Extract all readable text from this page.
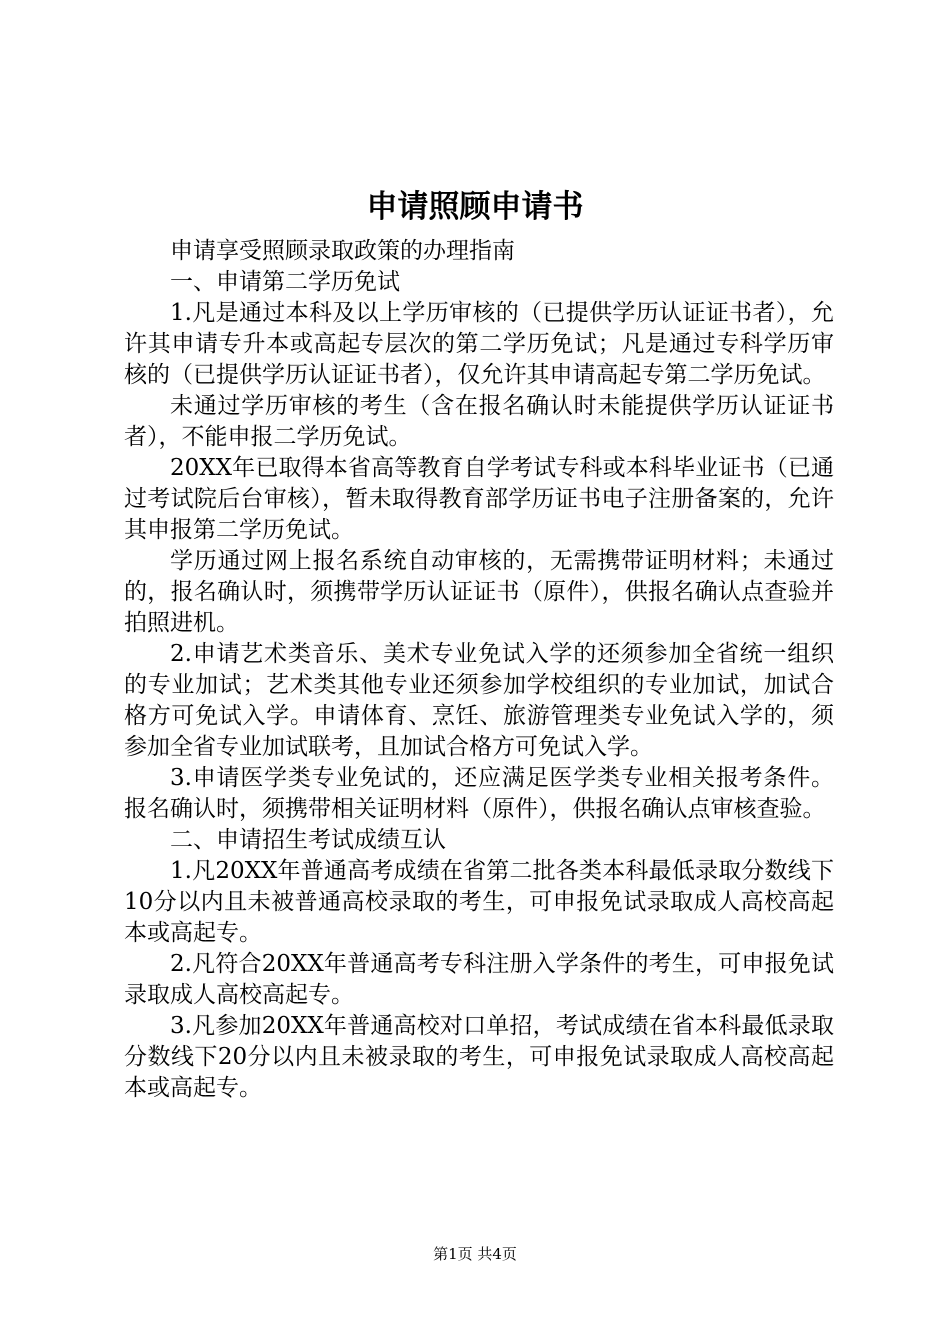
申请照顾申请书

申请享受照顾录取政策的办理指南

一、申请第二学历免试

1.凡是通过本科及以上学历审核的（已提供学历认证证书者），允许其申请专升本或高起专层次的第二学历免试；凡是通过专科学历审核的（已提供学历认证证书者），仅允许其申请高起专第二学历免试。

未通过学历审核的考生（含在报名确认时未能提供学历认证证书者），不能申报二学历免试。

20XX年已取得本省高等教育自学考试专科或本科毕业证书（已通过考试院后台审核），暂未取得教育部学历证书电子注册备案的，允许其申报第二学历免试。

学历通过网上报名系统自动审核的，无需携带证明材料；未通过的，报名确认时，须携带学历认证证书（原件），供报名确认点查验并拍照进机。

2.申请艺术类音乐、美术专业免试入学的还须参加全省统一组织的专业加试；艺术类其他专业还须参加学校组织的专业加试，加试合格方可免试入学。申请体育、烹饪、旅游管理类专业免试入学的，须参加全省专业加试联考，且加试合格方可免试入学。

3.申请医学类专业免试的，还应满足医学类专业相关报考条件。报名确认时，须携带相关证明材料（原件），供报名确认点审核查验。

二、申请招生考试成绩互认

1.凡20XX年普通高考成绩在省第二批各类本科最低录取分数线下10分以内且未被普通高校录取的考生，可申报免试录取成人高校高起本或高起专。

2.凡符合20XX年普通高考专科注册入学条件的考生，可申报免试录取成人高校高起专。

3.凡参加20XX年普通高校对口单招，考试成绩在省本科最低录取分数线下20分以内且未被录取的考生，可申报免试录取成人高校高起本或高起专。

第1页 共4页
